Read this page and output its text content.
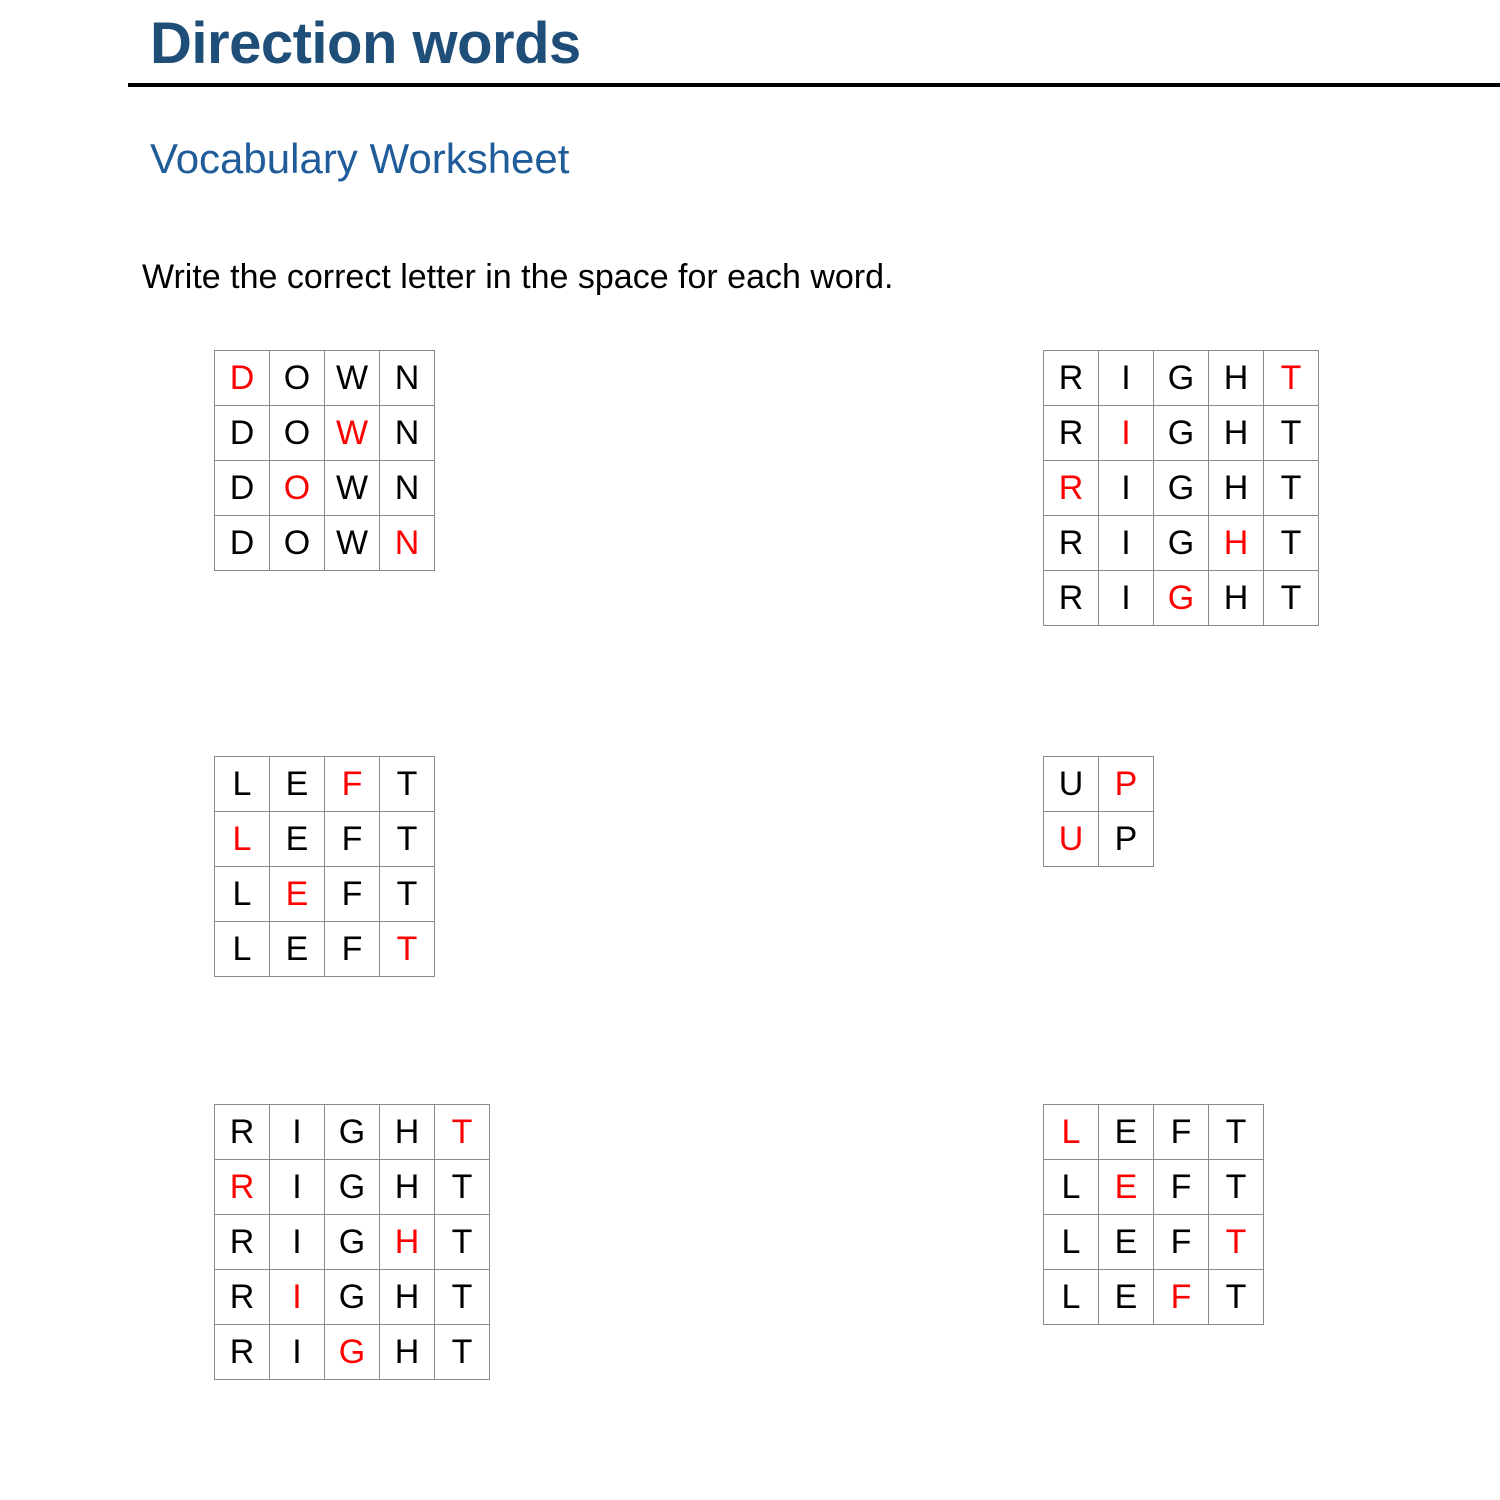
Direction words
Vocabulary Worksheet
Write the correct letter in the space for each word.
D	O	W	N
D	O	W	N
D	O	W	N
D	O	W	N
R	I	G	H	T
R	I	G	H	T
R	I	G	H	T
R	I	G	H	T
R	I	G	H	T
L	E	F	T
L	E	F	T
L	E	F	T
L	E	F	T
U	P
U	P
R	I	G	H	T
R	I	G	H	T
R	I	G	H	T
R	I	G	H	T
R	I	G	H	T
L	E	F	T
L	E	F	T
L	E	F	T
L	E	F	T
